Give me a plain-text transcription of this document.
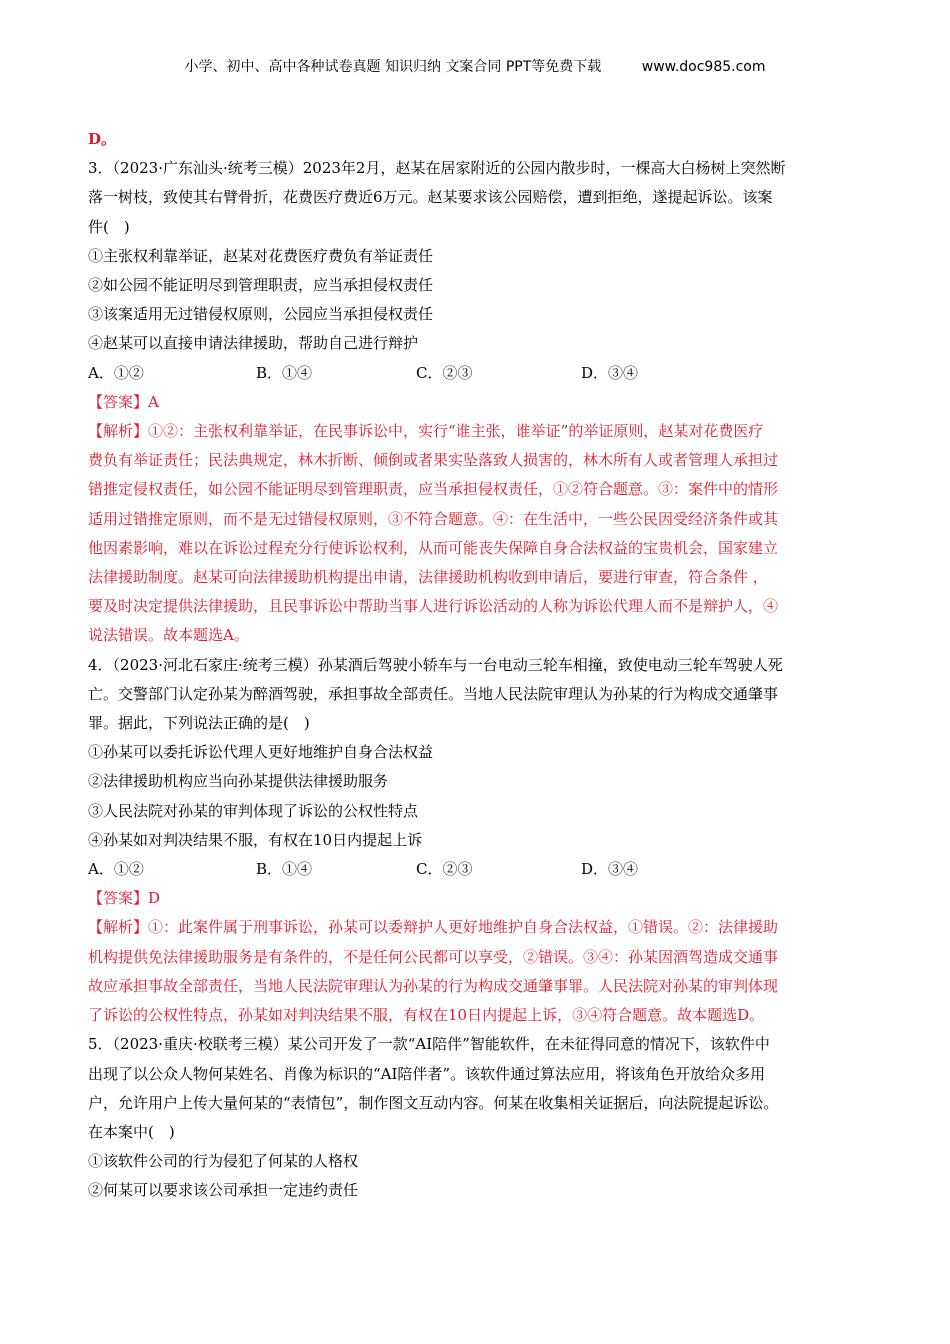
小学、初中、高中各种试卷真题 知识归纳 文案合同 PPT等免费下载	www.doc985.com
D。
3．（2023·广东汕头·统考三模）2023年2月，赵某在居家附近的公园内散步时，一棵高大白杨树上突然断
落一树枝，致使其右臂骨折，花费医疗费近6万元。赵某要求该公园赔偿，遭到拒绝，遂提起诉讼。该案
件(　)
①主张权利靠举证，赵某对花费医疗费负有举证责任
②如公园不能证明尽到管理职责，应当承担侵权责任
③该案适用无过错侵权原则，公园应当承担侵权责任
④赵某可以直接申请法律援助，帮助自己进行辩护
A．①②	B．①④	C．②③	D．③④
【答案】A
【解析】①②：主张权利靠举证，在民事诉讼中，实行“谁主张，谁举证”的举证原则，赵某对花费医疗
费负有举证责任；民法典规定，林木折断、倾倒或者果实坠落致人损害的，林木所有人或者管理人承担过
错推定侵权责任，如公园不能证明尽到管理职责，应当承担侵权责任，①②符合题意。③：案件中的情形
适用过错推定原则，而不是无过错侵权原则，③不符合题意。④：在生活中，一些公民因受经济条件或其
他因素影响，难以在诉讼过程充分行使诉讼权利，从而可能丧失保障自身合法权益的宝贵机会，国家建立
法律援助制度。赵某可向法律援助机构提出申请，法律援助机构收到申请后，要进行审查，符合条件 ，
要及时决定提供法律援助，且民事诉讼中帮助当事人进行诉讼活动的人称为诉讼代理人而不是辩护人，④
说法错误。故本题选A。
4．（2023·河北石家庄·统考三模）孙某酒后驾驶小轿车与一台电动三轮车相撞，致使电动三轮车驾驶人死
亡。交警部门认定孙某为醉酒驾驶，承担事故全部责任。当地人民法院审理认为孙某的行为构成交通肇事
罪。据此，下列说法正确的是(　)
①孙某可以委托诉讼代理人更好地维护自身合法权益
②法律援助机构应当向孙某提供法律援助服务
③人民法院对孙某的审判体现了诉讼的公权性特点
④孙某如对判决结果不服，有权在10日内提起上诉
A．①②	B．①④	C．②③	D．③④
【答案】D
【解析】①：此案件属于刑事诉讼，孙某可以委辩护人更好地维护自身合法权益，①错误。②：法律援助
机构提供免法律援助服务是有条件的，不是任何公民都可以享受，②错误。③④：孙某因酒驾造成交通事
故应承担事故全部责任，当地人民法院审理认为孙某的行为构成交通肇事罪。人民法院对孙某的审判体现
了诉讼的公权性特点，孙某如对判决结果不服，有权在10日内提起上诉，③④符合题意。故本题选D。
5．（2023·重庆·校联考三模）某公司开发了一款“AI陪伴”智能软件，在未征得同意的情况下，该软件中
出现了以公众人物何某姓名、肖像为标识的“AI陪伴者”。该软件通过算法应用，将该角色开放给众多用
户，允许用户上传大量何某的“表情包”，制作图文互动内容。何某在收集相关证据后，向法院提起诉讼。
在本案中(　)
①该软件公司的行为侵犯了何某的人格权
②何某可以要求该公司承担一定违约责任
